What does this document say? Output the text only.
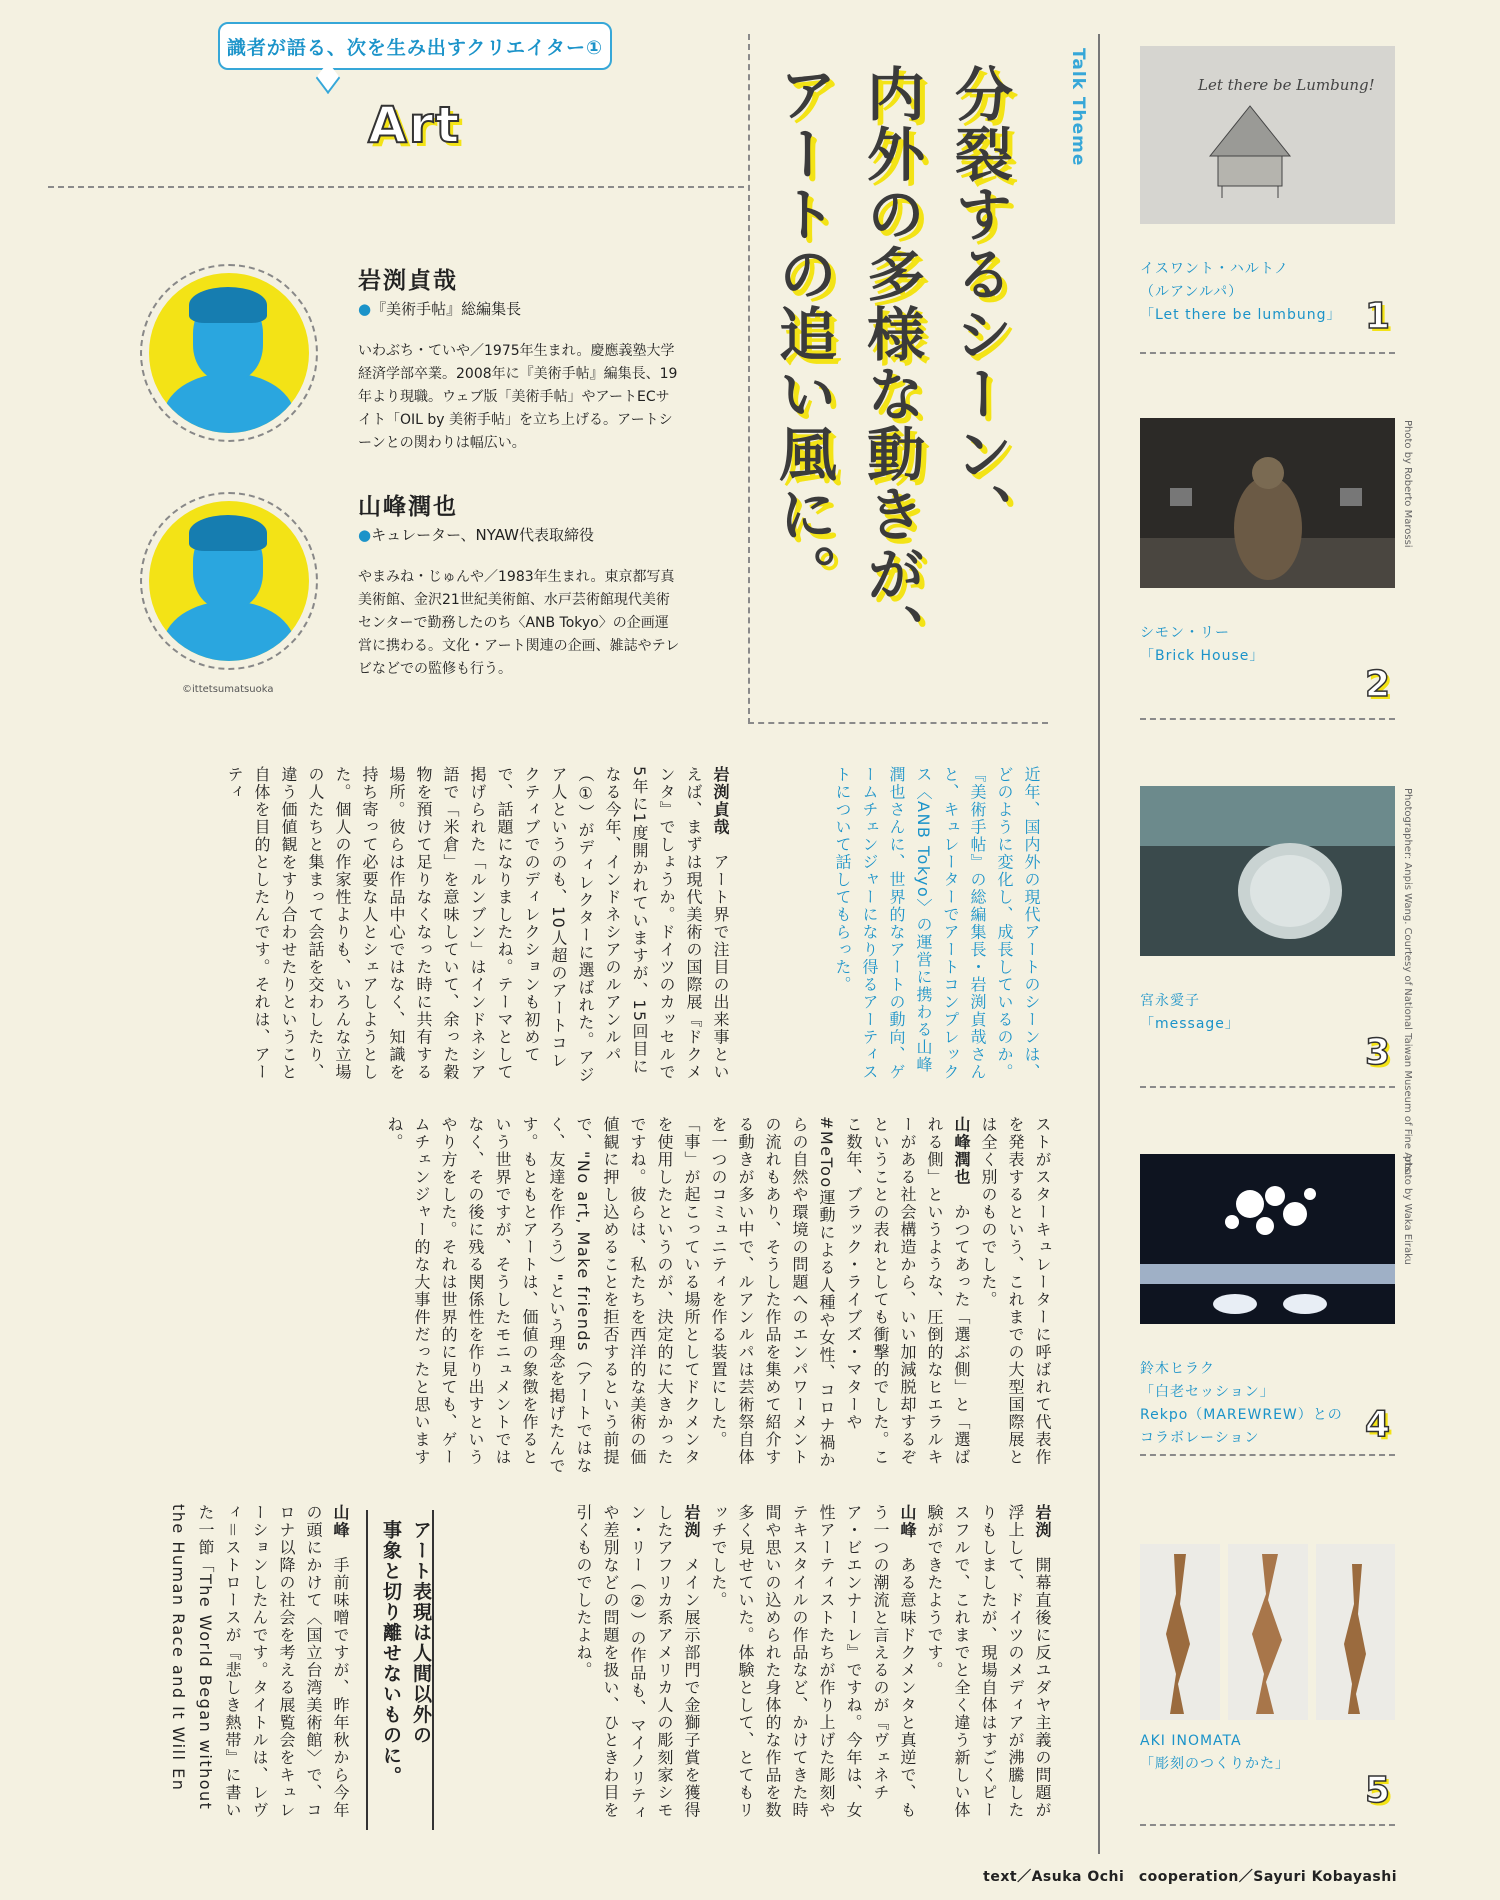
識者が語る、次を生み出すクリエイター①
Art
岩渕貞哉
●『美術手帖』総編集長
いわぶち・ていや／1975年生まれ。慶應義塾大学経済学部卒業。2008年に『美術手帖』編集長、19年より現職。ウェブ版「美術手帖」やアートECサイト「OIL by 美術手帖」を立ち上げる。アートシーンとの関わりは幅広い。
山峰潤也
●キュレーター、NYAW代表取締役
やまみね・じゅんや／1983年生まれ。東京都写真美術館、金沢21世紀美術館、水戸芸術館現代美術センターで勤務したのち〈ANB Tokyo〉の企画運営に携わる。文化・アート関連の企画、雑誌やテレビなどでの監修も行う。
©ittetsumatsuoka
分裂するシーン、
内外の多様な動きが、
アートの追い風に。	Talk Theme
近年、国内外の現代アートのシーンは、どのように変化し、成長しているのか。『美術手帖』の総編集長・岩渕貞哉さんと、キュレーターでアートコンプレックス〈ANB Tokyo〉の運営に携わる山峰潤也さんに、世界的なアートの動向、ゲームチェンジャーになり得るアーティストについて話してもらった。
岩渕貞哉　アート界で注目の出来事といえば、まずは現代美術の国際展『ドクメンタ』でしょうか。ドイツのカッセルで5年に1度開かれていますが、15回目になる今年、インドネシアのルアンルパ（①）がディレクターに選ばれた。アジア人というのも、10人超のアートコレクティブでのディレクションも初めてで、話題になりましたね。テーマとして掲げられた「ルンブン」はインドネシア語で「米倉」を意味していて、余った穀物を預けて足りなくなった時に共有する場所。彼らは作品中心ではなく、知識を持ち寄って必要な人とシェアしようとした。個人の作家性よりも、いろんな立場の人たちと集まって会話を交わしたり、違う価値観をすり合わせたりということ自体を目的としたんです。それは、アーティ
ストがスターキュレーターに呼ばれて代表作を発表するという、これまでの大型国際展とは全く別のものでした。
山峰潤也　かつてあった「選ぶ側」と「選ばれる側」というような、圧倒的なヒエラルキーがある社会構造から、いい加減脱却するぞということの表れとしても衝撃的でした。ここ数年、ブラック・ライブズ・マターや#MeToo運動による人種や女性、コロナ禍からの自然や環境の問題へのエンパワーメントの流れもあり、そうした作品を集めて紹介する動きが多い中で、ルアンルパは芸術祭自体を一つのコミュニティを作る装置にした。「事」が起こっている場所としてドクメンタを使用したというのが、決定的に大きかったですね。彼らは、私たちを西洋的な美術の価値観に押し込めることを拒否するという前提で、"No art, Make friends（アートではなく、友達を作ろう）"という理念を掲げたんです。もともとアートは、価値の象徴を作るという世界ですが、そうしたモニュメントではなく、その後に残る関係性を作り出すというやり方をした。それは世界的に見ても、ゲームチェンジャー的な大事件だったと思いますね。
岩渕　開幕直後に反ユダヤ主義の問題が浮上して、ドイツのメディアが沸騰したりもしましたが、現場自体はすごくピースフルで、これまでと全く違う新しい体験ができたようです。
山峰　ある意味ドクメンタと真逆で、もう一つの潮流と言えるのが『ヴェネチア・ビエンナーレ』ですね。今年は、女性アーティストたちが作り上げた彫刻やテキスタイルの作品など、かけてきた時間や思いの込められた身体的な作品を数多く見せていた。体験として、とてもリッチでした。
岩渕　メイン展示部門で金獅子賞を獲得したアフリカ系アメリカ人の彫刻家シモン・リー（②）の作品も、マイノリティや差別などの問題を扱い、ひときわ目を引くものでしたよね。
アート表現は人間以外の
事象と切り離せないものに。
山峰　手前味噌ですが、昨年秋から今年の頭にかけて〈国立台湾美術館〉で、コロナ以降の社会を考える展覧会をキュレーションしたんです。タイトルは、レヴィ＝ストロースが『悲しき熱帯』に書いた一節「The World Began without the Human Race and It Will En
Let there be Lumbung!
イスワント・ハルトノ
（ルアンルパ）
「Let there be lumbung」 1
Photo by Roberto Marossi
シモン・リー
「Brick House」
2
Photographer: Anpis Wang. Courtesy of National Taiwan Museum of Fine Arts.
宮永愛子
「message」
3
photo by Waka Eiraku
鈴木ヒラク
「白老セッション」
Rekpo（MAREWREW）との
コラボレーション	4
AKI INOMATA
「彫刻のつくりかた」
5
text／Asuka Ochi　cooperation／Sayuri Kobayashi
